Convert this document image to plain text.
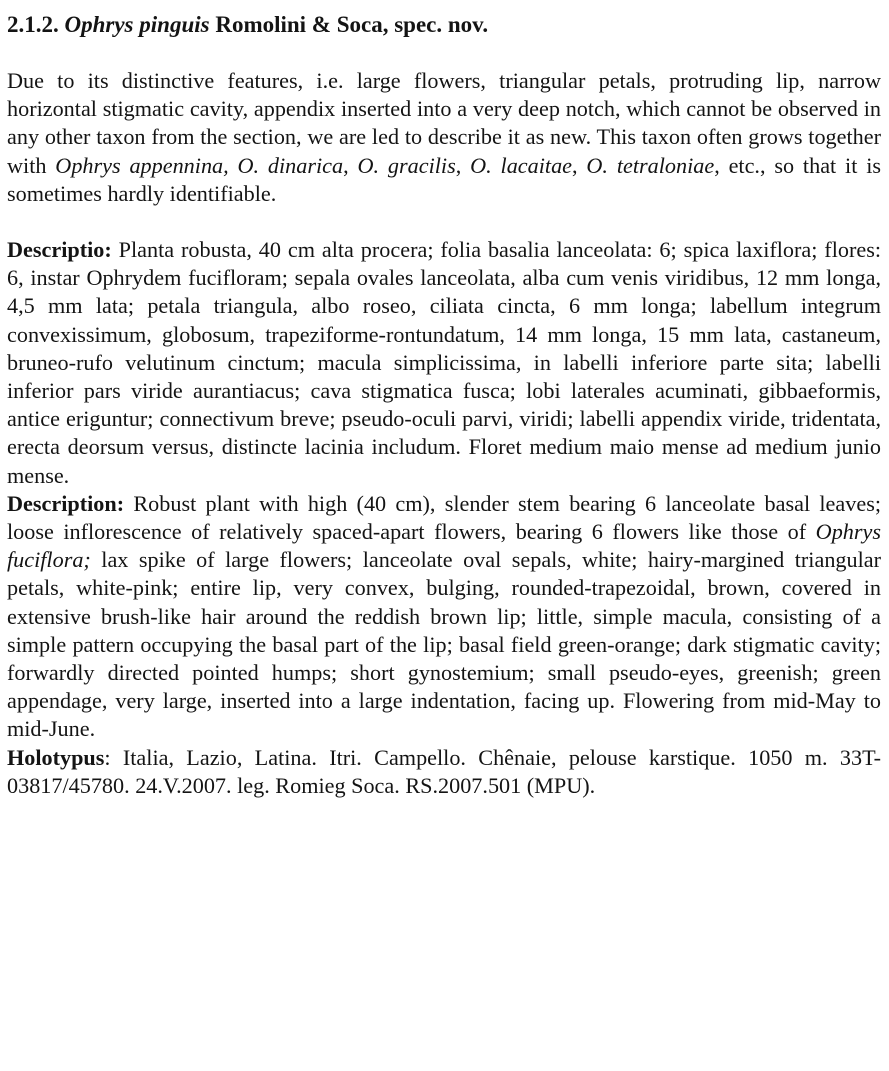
2.1.2. Ophrys pinguis Romolini & Soca, spec. nov.

Due to its distinctive features, i.e. large flowers, triangular petals, protruding lip, narrow horizontal stigmatic cavity, appendix inserted into a very deep notch, which cannot be observed in any other taxon from the section, we are led to describe it as new. This taxon often grows together with Ophrys appennina, O. dinarica, O. gracilis, O. lacaitae, O. tetraloniae, etc., so that it is sometimes hardly identifiable.

Descriptio: Planta robusta, 40 cm alta procera; folia basalia lanceolata: 6; spica laxiflora; flores: 6, instar Ophrydem fucifloram; sepala ovales lanceolata, alba cum venis viridibus, 12 mm longa, 4,5 mm lata; petala triangula, albo roseo, ciliata cincta, 6 mm longa; labellum integrum convexissimum, globosum, trapeziforme-rontundatum, 14 mm longa, 15 mm lata, castaneum, bruneo-rufo velutinum cinctum; macula simplicissima, in labelli inferiore parte sita; labelli inferior pars viride aurantiacus; cava stigmatica fusca; lobi laterales acuminati, gibbaeformis, antice eriguntur; connectivum breve; pseudo-oculi parvi, viridi; labelli appendix viride, tridentata, erecta deorsum versus, distincte lacinia includum. Floret medium maio mense ad medium junio mense.

Description: Robust plant with high (40 cm), slender stem bearing 6 lanceolate basal leaves; loose inflorescence of relatively spaced-apart flowers, bearing 6 flowers like those of Ophrys fuciflora; lax spike of large flowers; lanceolate oval sepals, white; hairy-margined triangular petals, white-pink; entire lip, very convex, bulging, rounded-trapezoidal, brown, covered in extensive brush-like hair around the reddish brown lip; little, simple macula, consisting of a simple pattern occupying the basal part of the lip; basal field green-orange; dark stigmatic cavity; forwardly directed pointed humps; short gynostemium; small pseudo-eyes, greenish; green appendage, very large, inserted into a large indentation, facing up. Flowering from mid-May to mid-June.

Holotypus: Italia, Lazio, Latina. Itri. Campello. Chênaie, pelouse karstique. 1050 m. 33T-03817/45780. 24.V.2007. leg. Romieg Soca. RS.2007.501 (MPU).
